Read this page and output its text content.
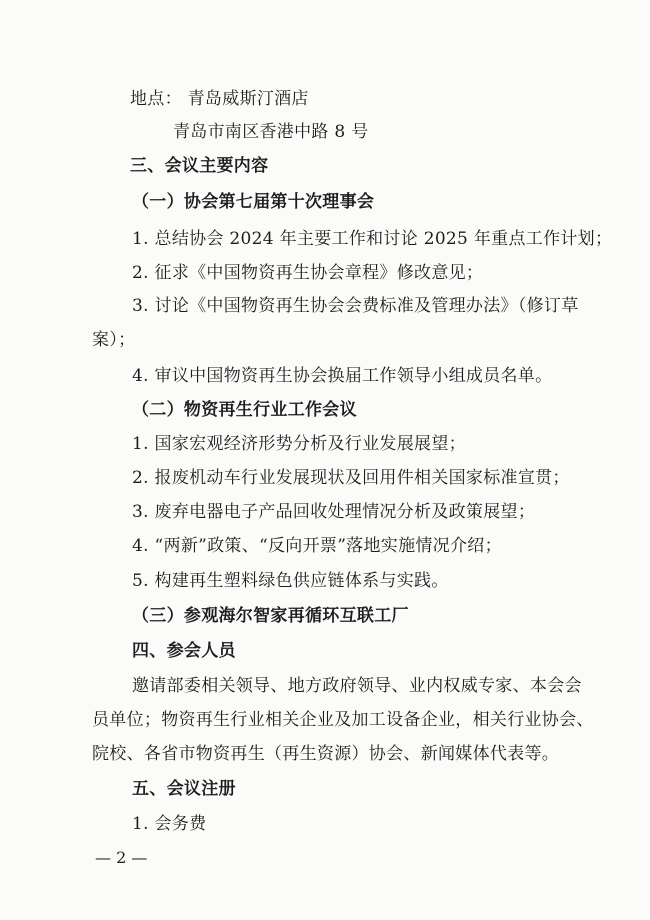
地点： 青岛威斯汀酒店
青岛市南区香港中路 8 号
三、会议主要内容
（一）协会第七届第十次理事会
1. 总结协会 2024 年主要工作和讨论 2025 年重点工作计划；
2. 征求《中国物资再生协会章程》修改意见；
3. 讨论《中国物资再生协会会费标准及管理办法》（修订草
案）；
4. 审议中国物资再生协会换届工作领导小组成员名单。
（二）物资再生行业工作会议
1. 国家宏观经济形势分析及行业发展展望；
2. 报废机动车行业发展现状及回用件相关国家标准宣贯；
3. 废弃电器电子产品回收处理情况分析及政策展望；
4. “两新”政策、“反向开票”落地实施情况介绍；
5. 构建再生塑料绿色供应链体系与实践。
（三）参观海尔智家再循环互联工厂
四、参会人员
邀请部委相关领导、地方政府领导、业内权威专家、本会会
员单位；物资再生行业相关企业及加工设备企业，相关行业协会、
院校、各省市物资再生（再生资源）协会、新闻媒体代表等。
五、会议注册
1. 会务费
— 2 —
